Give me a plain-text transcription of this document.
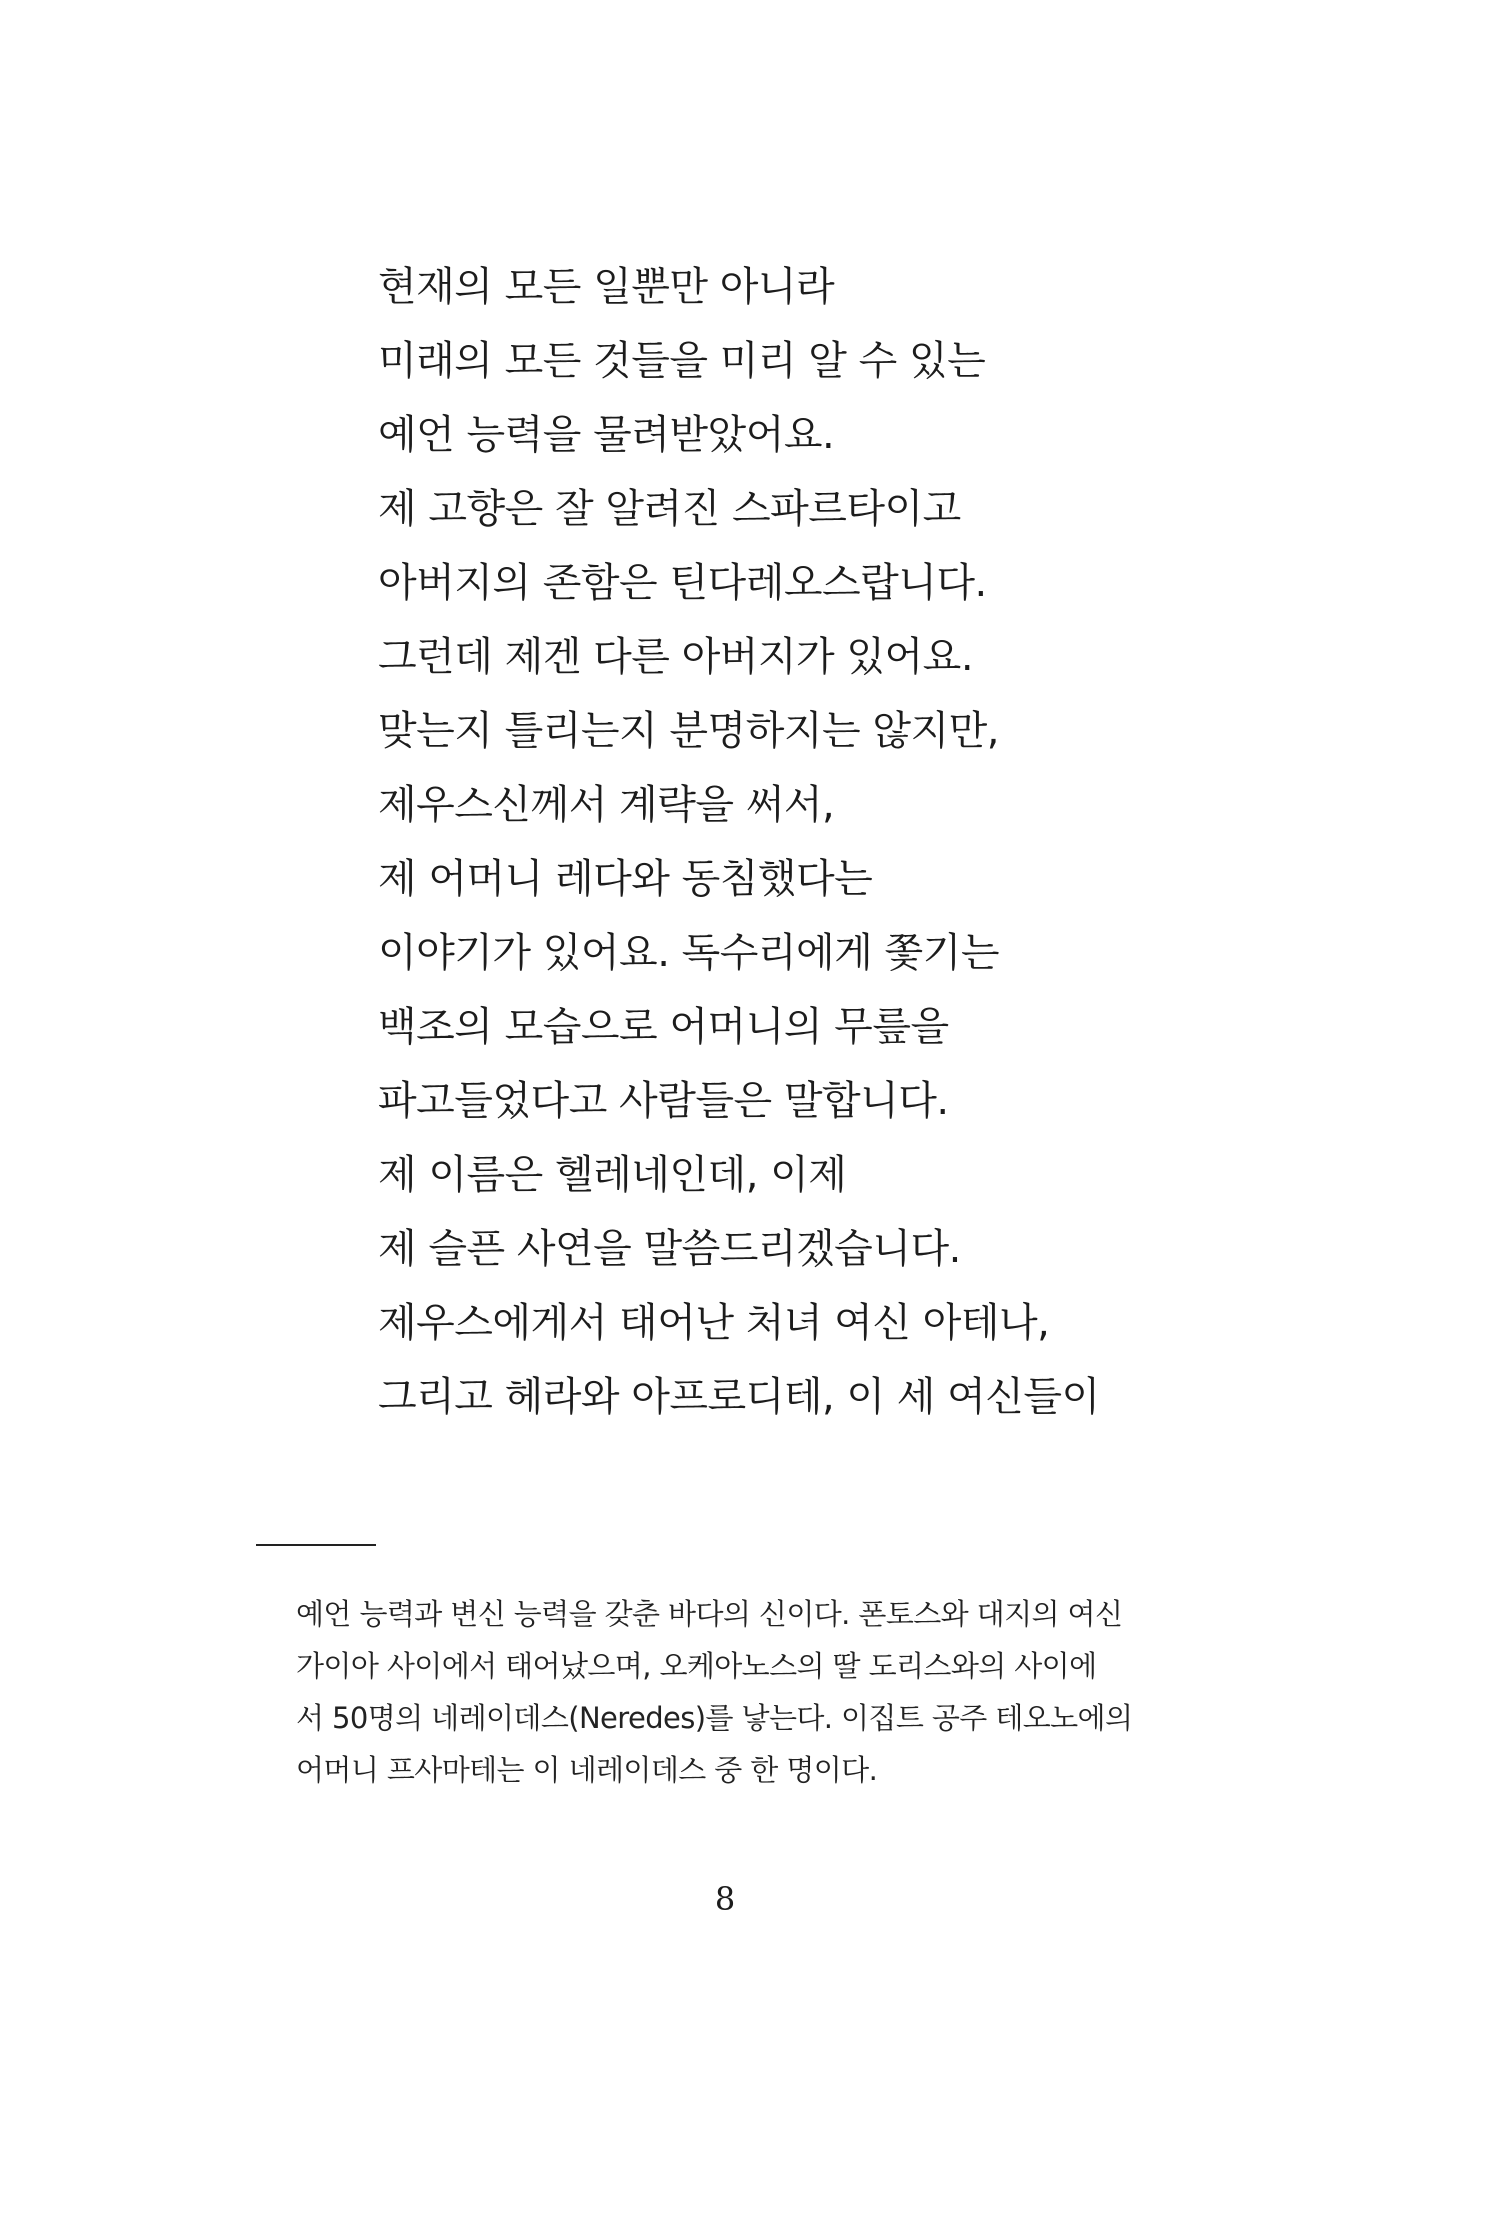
현재의 모든 일뿐만 아니라
미래의 모든 것들을 미리 알 수 있는
예언 능력을 물려받았어요.
제 고향은 잘 알려진 스파르타이고
아버지의 존함은 틴다레오스랍니다.
그런데 제겐 다른 아버지가 있어요.
맞는지 틀리는지 분명하지는 않지만,
제우스신께서 계략을 써서,
제 어머니 레다와 동침했다는
이야기가 있어요. 독수리에게 쫓기는
백조의 모습으로 어머니의 무릎을
파고들었다고 사람들은 말합니다.
제 이름은 헬레네인데, 이제
제 슬픈 사연을 말씀드리겠습니다.
제우스에게서 태어난 처녀 여신 아테나,
그리고 헤라와 아프로디테, 이 세 여신들이
예언 능력과 변신 능력을 갖춘 바다의 신이다. 폰토스와 대지의 여신
가이아 사이에서 태어났으며, 오케아노스의 딸 도리스와의 사이에
서 50명의 네레이데스(Neredes)를 낳는다. 이집트 공주 테오노에의
어머니 프사마테는 이 네레이데스 중 한 명이다.
8
